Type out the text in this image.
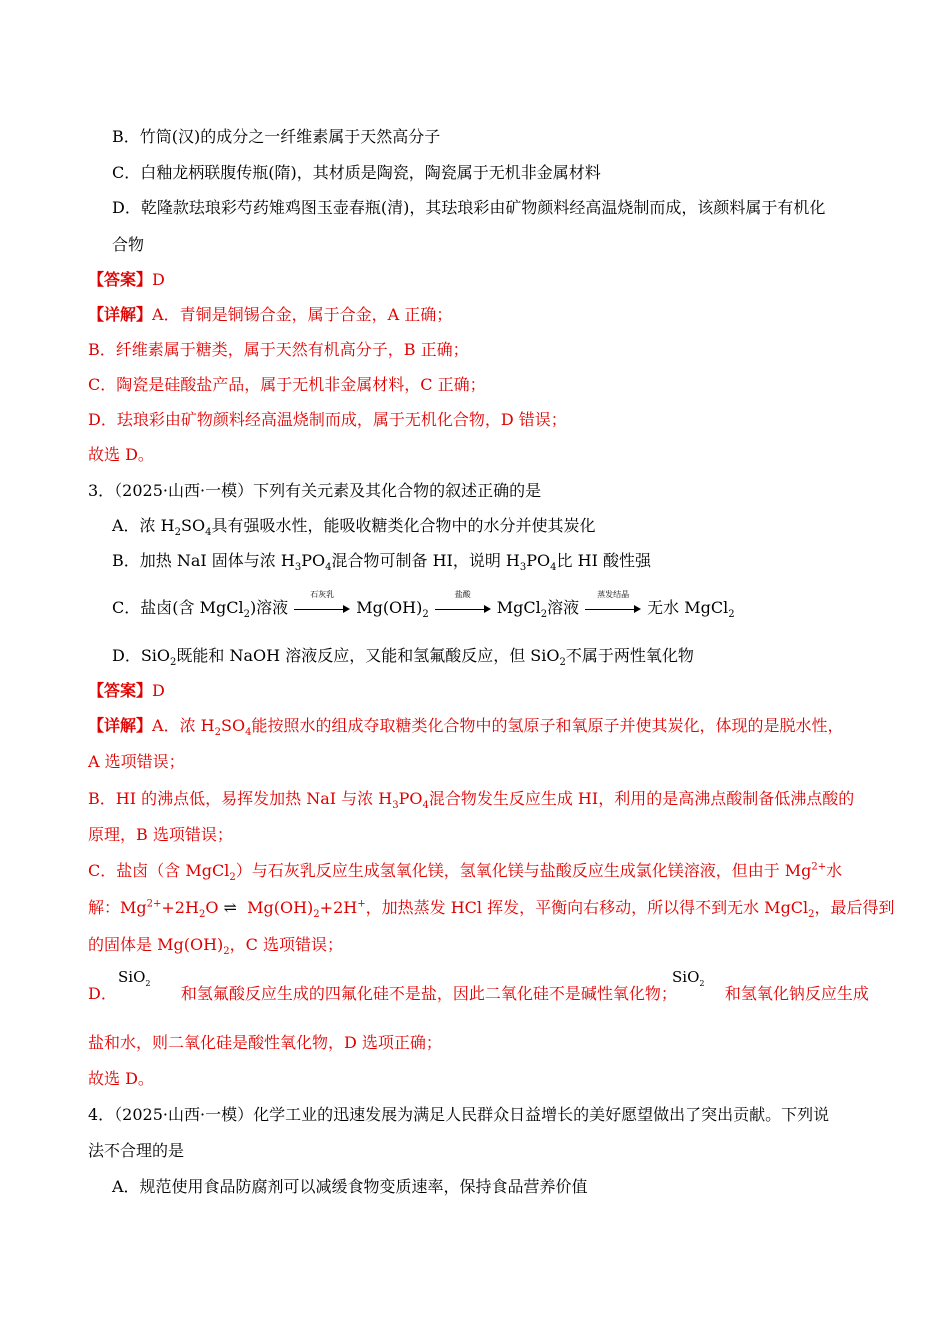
B．竹筒(汉)的成分之一纤维素属于天然高分子
C．白釉龙柄联腹传瓶(隋)，其材质是陶瓷，陶瓷属于无机非金属材料
D．乾隆款珐琅彩芍药雉鸡图玉壶春瓶(清)，其珐琅彩由矿物颜料经高温烧制而成，该颜料属于有机化
合物
【答案】D
【详解】A．青铜是铜锡合金，属于合金，A 正确；
B．纤维素属于糖类，属于天然有机高分子，B 正确；
C．陶瓷是硅酸盐产品，属于无机非金属材料，C 正确；
D．珐琅彩由矿物颜料经高温烧制而成，属于无机化合物，D 错误；
故选 D。
3．（2025·山西·一模）下列有关元素及其化合物的叙述正确的是
A．浓 $H_2SO_4$具有强吸水性，能吸收糖类化合物中的水分并使其炭化
B．加热 NaI 固体与浓 $H_3PO_4$混合物可制备 HI，说明 $H_3PO_4$比 HI 酸性强
C．盐卤(含 MgCl$_2$)溶液
石灰乳
$Mg(OH)_2$
盐酸
MgCl$_2$溶液
蒸发结晶
无水 MgCl$_2$
D．SiO$_2$既能和 NaOH 溶液反应，又能和氢氟酸反应，但 SiO$_2$不属于两性氧化物
【答案】D
【详解】A．浓 $H_2SO_4$能按照水的组成夺取糖类化合物中的氢原子和氧原子并使其炭化，体现的是脱水性，
A 选项错误；
B．HI 的沸点低，易挥发加热 NaI 与浓 $H_3PO_4$混合物发生反应生成 HI，利用的是高沸点酸制备低沸点酸的
原理，B 选项错误；
C．盐卤（含 MgCl$_2$）与石灰乳反应生成氢氧化镁，氢氧化镁与盐酸反应生成氯化镁溶液，但由于 $Mg^{2+}$水
解：$Mg^{2+}+2H_2O$ ⇌ $Mg(OH)_2+2H^+$，加热蒸发 HCl 挥发，平衡向右移动，所以得不到无水 MgCl$_2$，最后得到
的固体是 $Mg(OH)_2$，C 选项错误；
D．	和氢氟酸反应生成的四氟化硅不是盐，因此二氧化硅不是碱性氧化物；	和氢氧化钠反应生成
SiO$_2$	SiO$_2$
盐和水，则二氧化硅是酸性氧化物，D 选项正确；
故选 D。
4．（2025·山西·一模）化学工业的迅速发展为满足人民群众日益增长的美好愿望做出了突出贡献。下列说
法不合理的是
A．规范使用食品防腐剂可以减缓食物变质速率，保持食品营养价值
